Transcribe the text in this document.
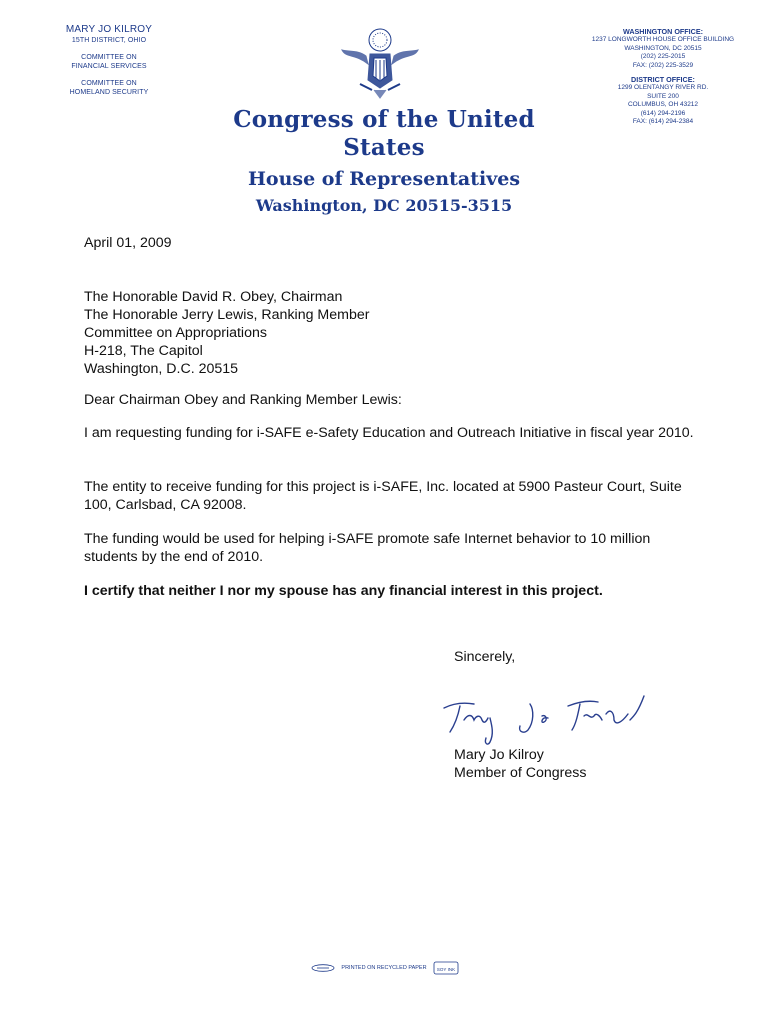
MARY JO KILROY
15TH DISTRICT, OHIO
COMMITTEE ON
FINANCIAL SERVICES
COMMITTEE ON
HOMELAND SECURITY
WASHINGTON OFFICE:
1237 LONGWORTH HOUSE OFFICE BUILDING
WASHINGTON, DC 20515
(202) 225-2015
FAX: (202) 225-3529
DISTRICT OFFICE:
1299 OLENTANGY RIVER RD.
SUITE 200
COLUMBUS, OH 43212
(614) 294-2196
FAX: (614) 294-2384
Congress of the United States
House of Representatives
Washington, DC 20515-3515
April 01, 2009
The Honorable David R. Obey, Chairman
The Honorable Jerry Lewis, Ranking Member
Committee on Appropriations
H-218, The Capitol
Washington, D.C. 20515
Dear Chairman Obey and Ranking Member Lewis:
I am requesting funding for i-SAFE e-Safety Education and Outreach Initiative in fiscal year 2010.
The entity to receive funding for this project is i-SAFE, Inc. located at 5900 Pasteur Court, Suite 100, Carlsbad, CA 92008.
The funding would be used for helping i-SAFE promote safe Internet behavior to 10 million students by the end of 2010.
I certify that neither I nor my spouse has any financial interest in this project.
Sincerely,
Mary Jo Kilroy
Member of Congress
PRINTED ON RECYCLED PAPER SOY INK
